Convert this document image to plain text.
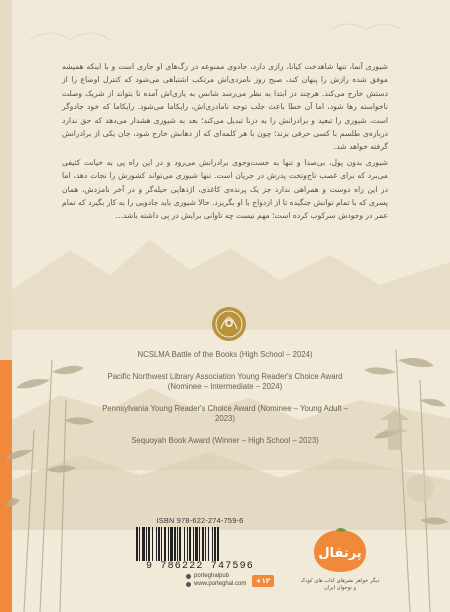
شیوری آنما، تنها شاهدخت کیانا، رازی دارد، جادوی ممنوعه در رگ‌های او جاری است و با اینکه همیشه موفق شده رازش را پنهان کند، صبح روز نامزدی‌اش مرتکب اشتباهی می‌شود که کنترل اوضاع را از دستش خارج می‌کند. هرچند در ابتدا به نظر می‌رسد شانس به یاری‌اش آمده تا بتواند از شریک وصلت ناخواسته رها شود، اما آن خطا باعث جلب توجه نامادری‌اش، رایکاما می‌شود. رایکاما که خود جادوگر است، شیوری را تبعید و برادرانش را به درنا تبدیل می‌کند؛ بعد به شیوری هشدار می‌دهد که حق ندارد درباره‌ی طلسم با کسی حرفی بزند؛ چون با هر کلمه‌ای که از دهانش خارج شود، جان یکی از برادرانش گرفته خواهد شد.

شیوری بدون پول، بی‌صدا و تنها به جست‌وجوی برادرانش می‌رود و در این راه پی به خیانت کثیفی می‌برد که برای غصب تاج‌وتخت پدرش در جریان است. تنها شیوری می‌تواند کشورش را نجات دهد، اما در این راه دوست و همراهی ندارد جز یک پرنده‌ی کاغذی، اژدهایی حیله‌گر و در آخر نامزدش، همان پسری که با تمام توانش جنگیده تا از ازدواج با او بگریزد. حالا شیوری باید جادویی را به کار بگیرد که تمام عمر در وجودش سرکوب کرده است؛ مهم نیست چه تاوانی برایش در پی داشته باشد...

NCSLMA Battle of the Books (High School – 2024)
Pacific Northwest Library Association Young Reader's Choice Award (Nominee – Intermediate – 2024)
Pennsylvania Young Reader's Choice Award (Nominee – Young Adult – 2023)
Sequoyah Book Award (Winner – High School – 2023)
ISBN 978-622-274-759-6
9 786222 747596
porteghalpub
www.porteghal.com	+۱۲
پرتقال
دیگر خواهر نشرهای کتاب های کودک و نوجوان ایران
